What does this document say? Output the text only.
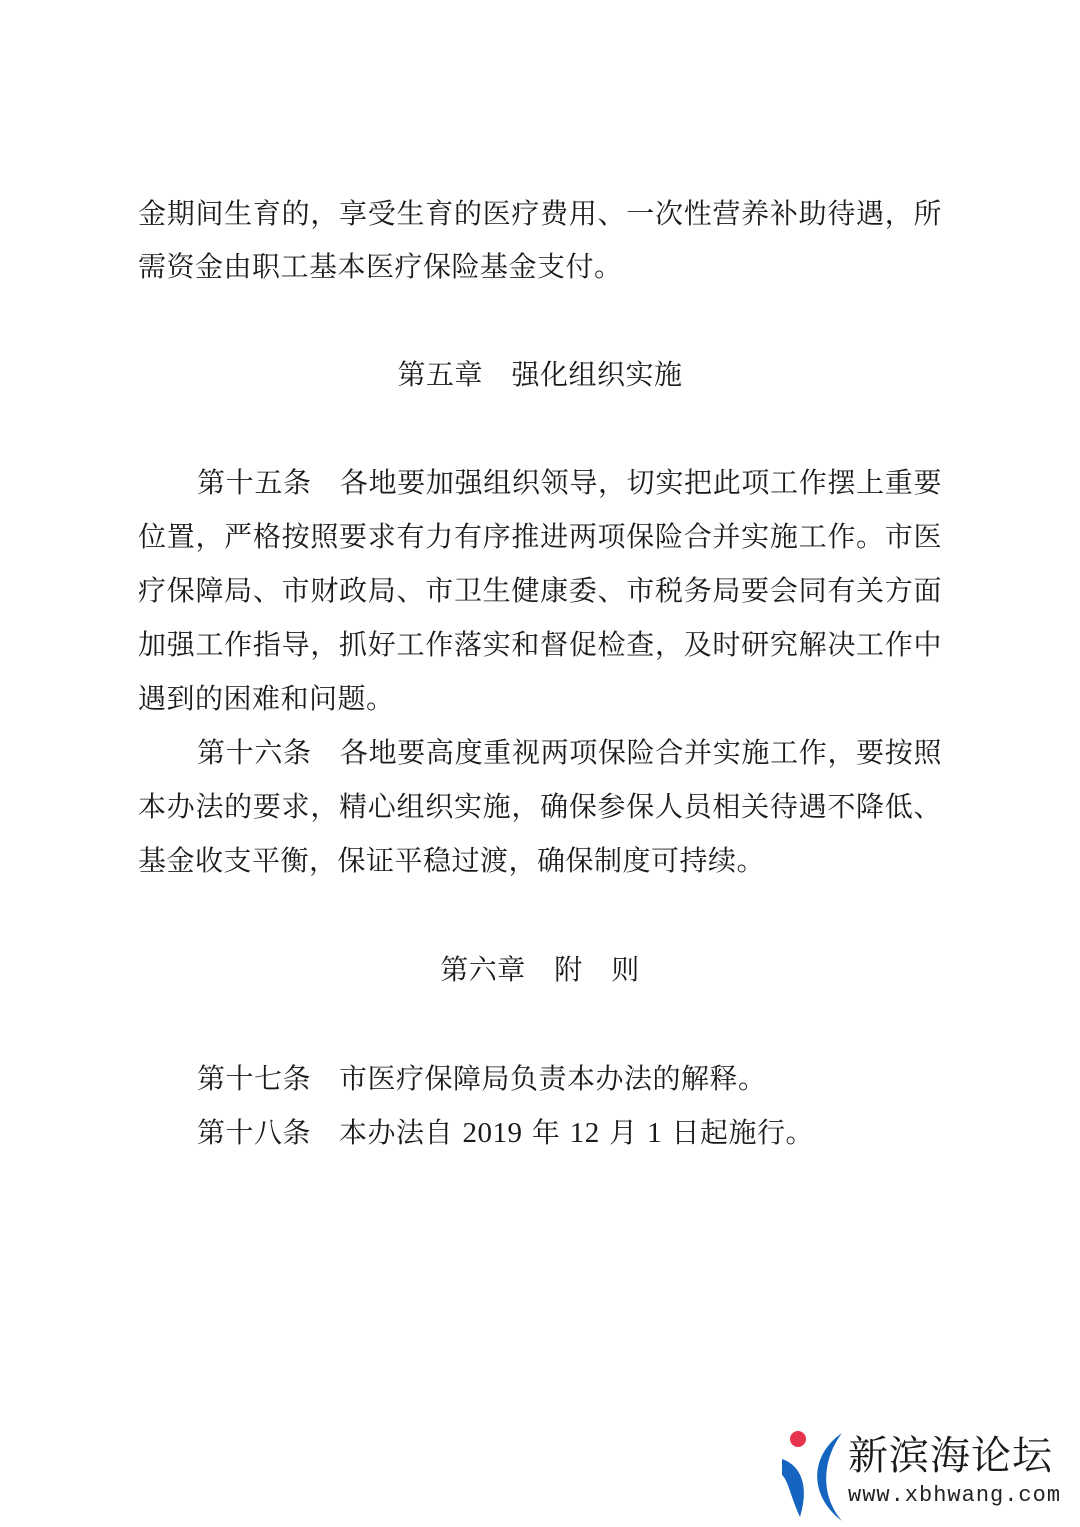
金期间生育的，享受生育的医疗费用、一次性营养补助待遇，所
需资金由职工基本医疗保险基金支付。
第五章　强化组织实施
第十五条 各地要加强组织领导，切实把此项工作摆上重要
位置，严格按照要求有力有序推进两项保险合并实施工作。市医
疗保障局、市财政局、市卫生健康委、市税务局要会同有关方面
加强工作指导，抓好工作落实和督促检查，及时研究解决工作中
遇到的困难和问题。
第十六条 各地要高度重视两项保险合并实施工作，要按照
本办法的要求，精心组织实施，确保参保人员相关待遇不降低、
基金收支平衡，保证平稳过渡，确保制度可持续。
第六章　附　则
第十七条 市医疗保障局负责本办法的解释。
第十八条 本办法自 2019 年 12 月 1 日起施行。
新滨海论坛
www.xbhwang.com
